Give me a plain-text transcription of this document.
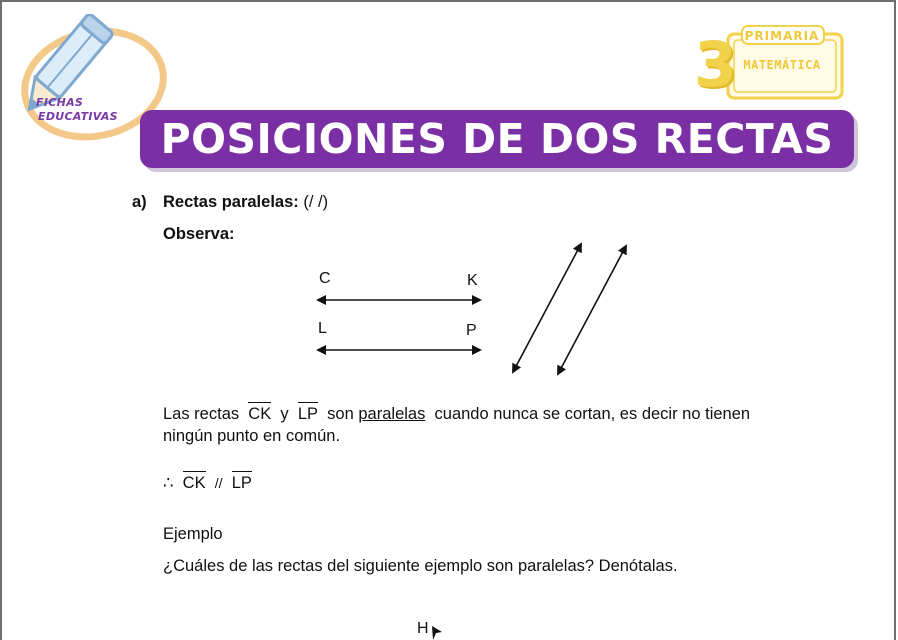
FICHAS
EDUCATIVAS
3 PRIMARIA
MATEMÁTICA
POSICIONES DE DOS RECTAS
a) Rectas paralelas: (/ /)
Observa:
C	K
L	P
Las rectas CK y LP son paralelas cuando nunca se cortan, es decir no tienen
ningún punto en común.
∴ CK // LP
Ejemplo
¿Cuáles de las rectas del siguiente ejemplo son paralelas? Denótalas.
H
